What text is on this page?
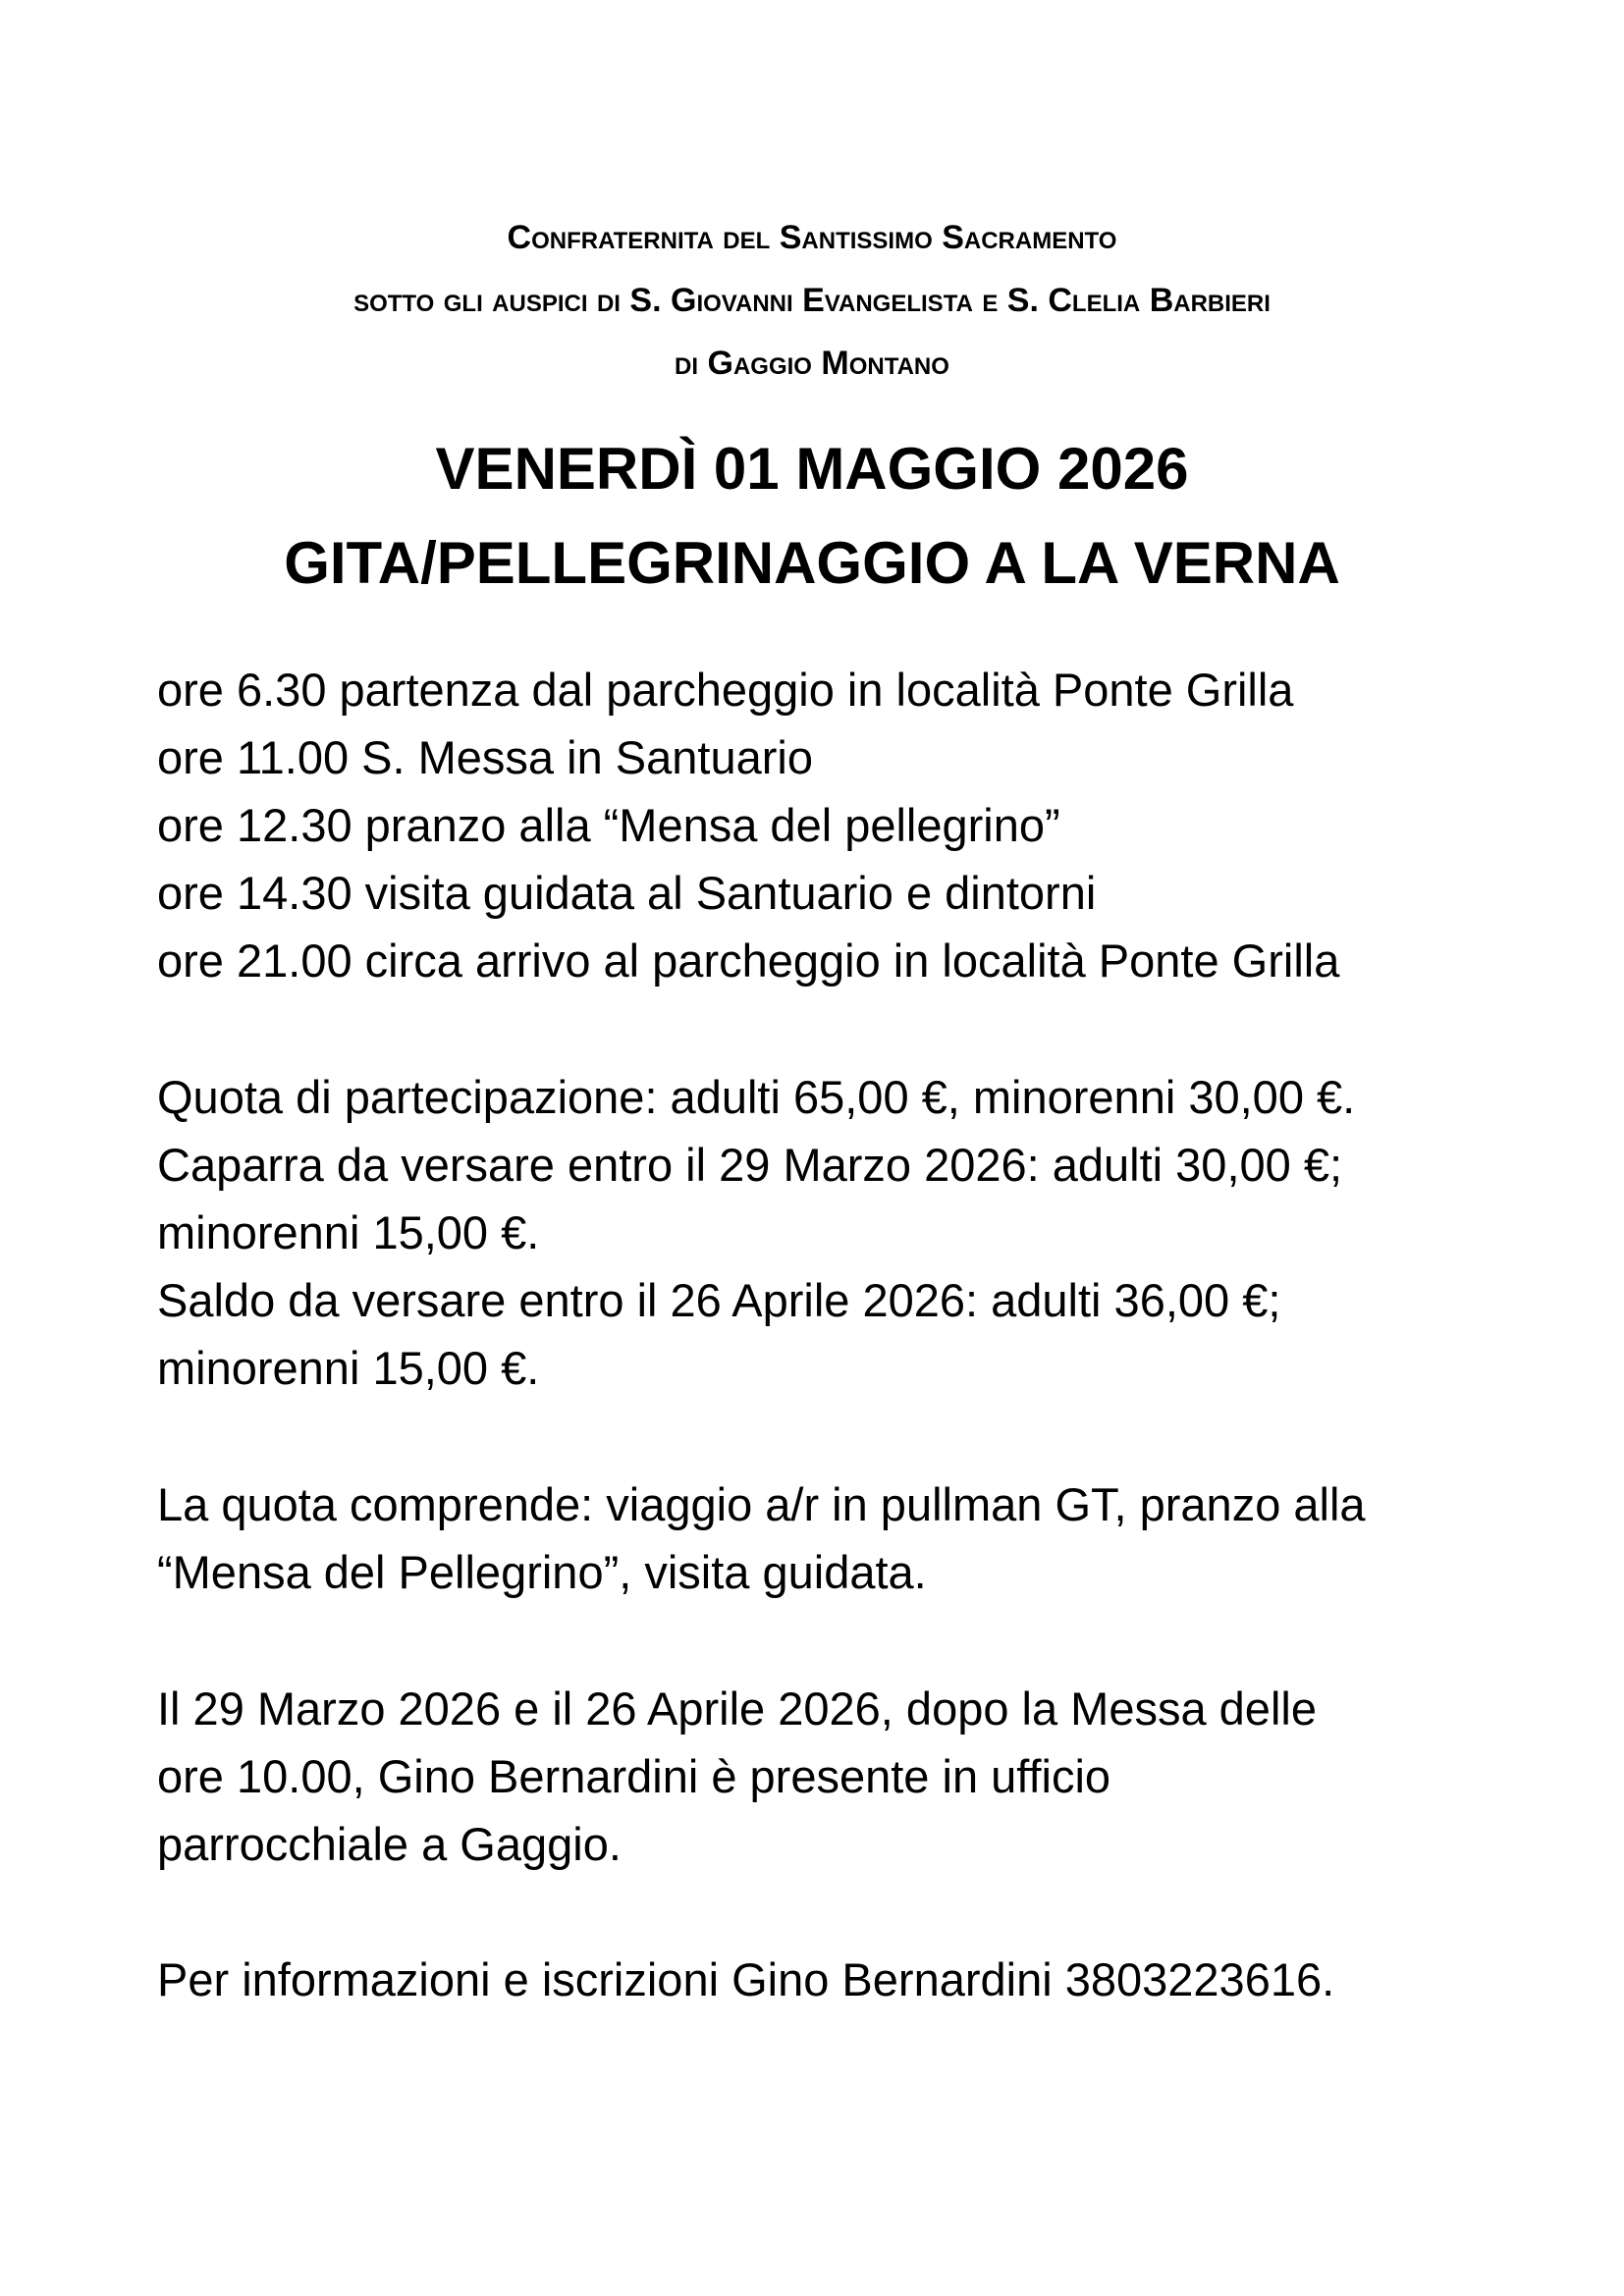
Confraternita del Santissimo Sacramento
sotto gli auspici di S. Giovanni Evangelista e S. Clelia Barbieri
di Gaggio Montano
VENERDÌ 01 MAGGIO 2026
GITA/PELLEGRINAGGIO A LA VERNA
ore 6.30 partenza dal parcheggio in località Ponte Grilla
ore 11.00 S. Messa in Santuario
ore 12.30 pranzo alla “Mensa del pellegrino”
ore 14.30 visita guidata al Santuario e dintorni
ore 21.00 circa arrivo al parcheggio in località Ponte Grilla
Quota di partecipazione: adulti 65,00 €, minorenni 30,00 €.
Caparra da versare entro il 29 Marzo 2026: adulti 30,00 €;
minorenni 15,00 €.
Saldo da versare entro il 26 Aprile 2026: adulti 36,00 €;
minorenni 15,00 €.
La quota comprende: viaggio a/r in pullman GT, pranzo alla
“Mensa del Pellegrino”, visita guidata.
Il 29 Marzo 2026 e il 26 Aprile 2026, dopo la Messa delle
ore 10.00, Gino Bernardini è presente in ufficio
parrocchiale a Gaggio.
Per informazioni e iscrizioni Gino Bernardini 3803223616.
